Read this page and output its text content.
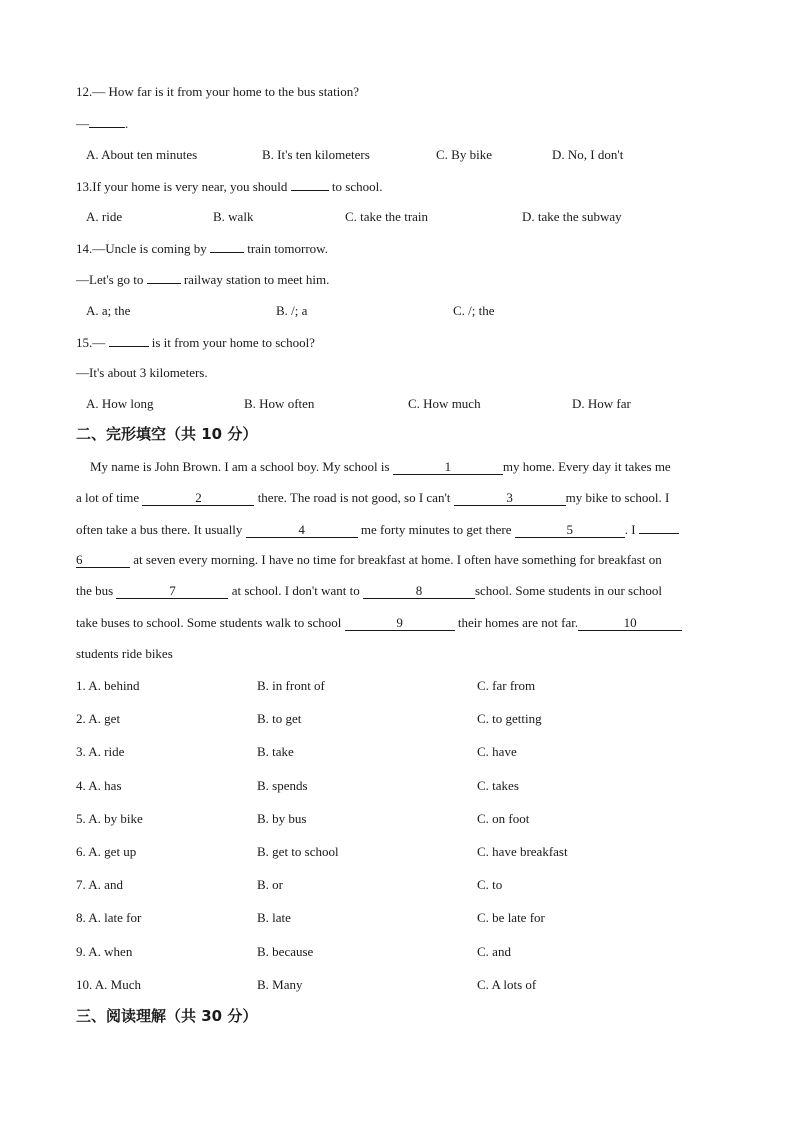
12.— How far is it from your home to the bus station?
—	.
A. About ten minutes	B. It's ten kilometers	C. By bike	D. No, I don't
13.If your home is very near, you should	to school.
A. ride	B. walk	C. take the train	D. take the subway
14.—Uncle is coming by	train tomorrow.
—Let's go to	railway station to meet him.
A. a; the	B. /; a	C. /; the
15.—	is it from your home to school?
—It's about 3 kilometers.
A. How long	B. How often	C. How much	D. How far
二、完形填空（共 10 分）
My name is John Brown. I am a school boy. My school is	1	my home. Every day it takes me
a lot of time	2	there. The road is not good, so I can't	3	my bike to school. I
often take a bus there. It usually	4	me forty minutes to get there	5	. I
6	at seven every morning. I have no time for breakfast at home. I often have something for breakfast on
the bus	7	at school. I don't want to	8	school. Some students in our school
take buses to school. Some students walk to school	9	their homes are not far.	10
students ride bikes
1. A. behind	B. in front of	C. far from
2. A. get	B. to get	C. to getting
3. A. ride	B. take	C. have
4. A. has	B. spends	C. takes
5. A. by bike	B. by bus	C. on foot
6. A. get up	B. get to school	C. have breakfast
7. A. and	B. or	C. to
8. A. late for	B. late	C. be late for
9. A. when	B. because	C. and
10. A. Much	B. Many	C. A lots of
三、阅读理解（共 30 分）
